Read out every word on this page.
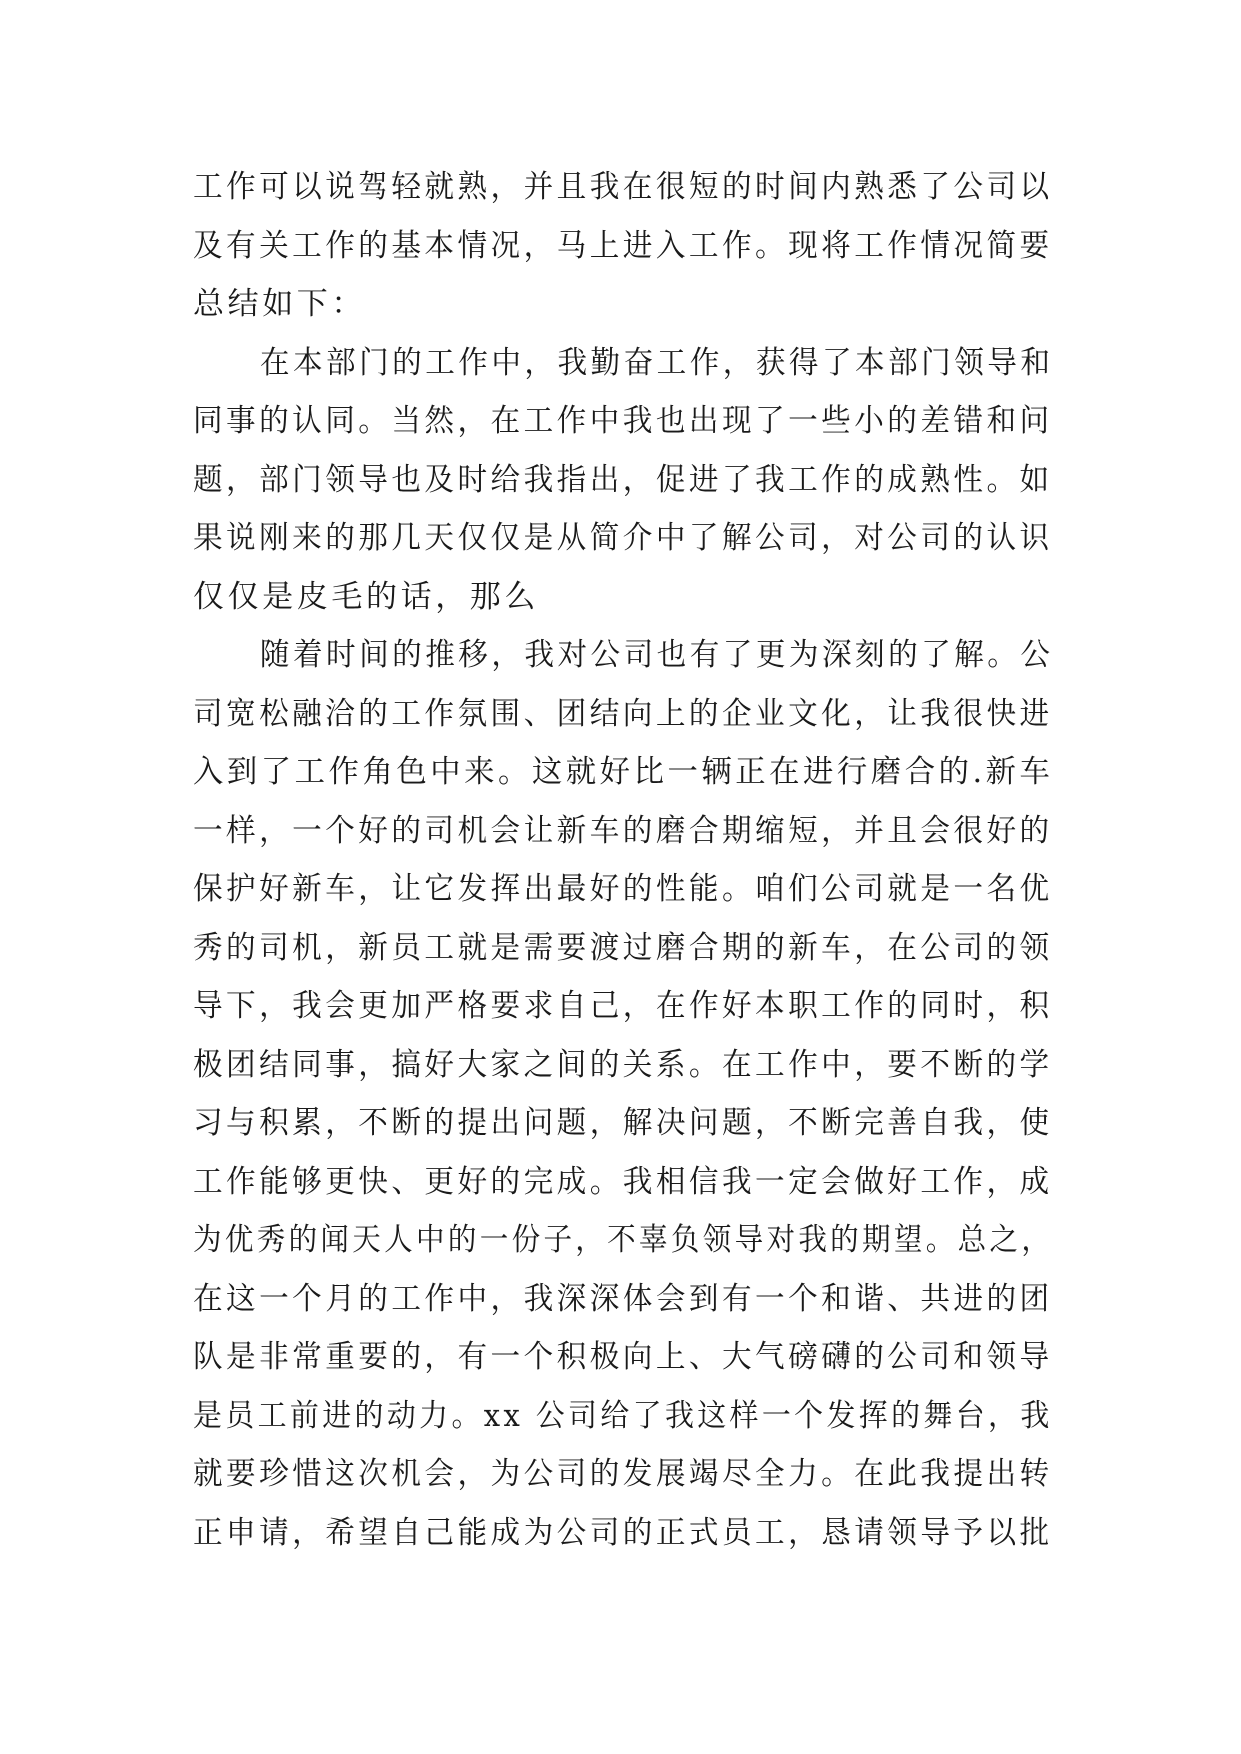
工作可以说驾轻就熟，并且我在很短的时间内熟悉了公司以
及有关工作的基本情况，马上进入工作。现将工作情况简要
总结如下：
在本部门的工作中，我勤奋工作，获得了本部门领导和
同事的认同。当然，在工作中我也出现了一些小的差错和问
题，部门领导也及时给我指出，促进了我工作的成熟性。如
果说刚来的那几天仅仅是从简介中了解公司，对公司的认识
仅仅是皮毛的话，那么
随着时间的推移，我对公司也有了更为深刻的了解。公
司宽松融洽的工作氛围、团结向上的企业文化，让我很快进
入到了工作角色中来。这就好比一辆正在进行磨合的.新车
一样，一个好的司机会让新车的磨合期缩短，并且会很好的
保护好新车，让它发挥出最好的性能。咱们公司就是一名优
秀的司机，新员工就是需要渡过磨合期的新车，在公司的领
导下，我会更加严格要求自己，在作好本职工作的同时，积
极团结同事，搞好大家之间的关系。在工作中，要不断的学
习与积累，不断的提出问题，解决问题，不断完善自我，使
工作能够更快、更好的完成。我相信我一定会做好工作，成
为优秀的闻天人中的一份子，不辜负领导对我的期望。总之，
在这一个月的工作中，我深深体会到有一个和谐、共进的团
队是非常重要的，有一个积极向上、大气磅礴的公司和领导
是员工前进的动力。xx 公司给了我这样一个发挥的舞台，我
就要珍惜这次机会，为公司的发展竭尽全力。在此我提出转
正申请，希望自己能成为公司的正式员工，恳请领导予以批
